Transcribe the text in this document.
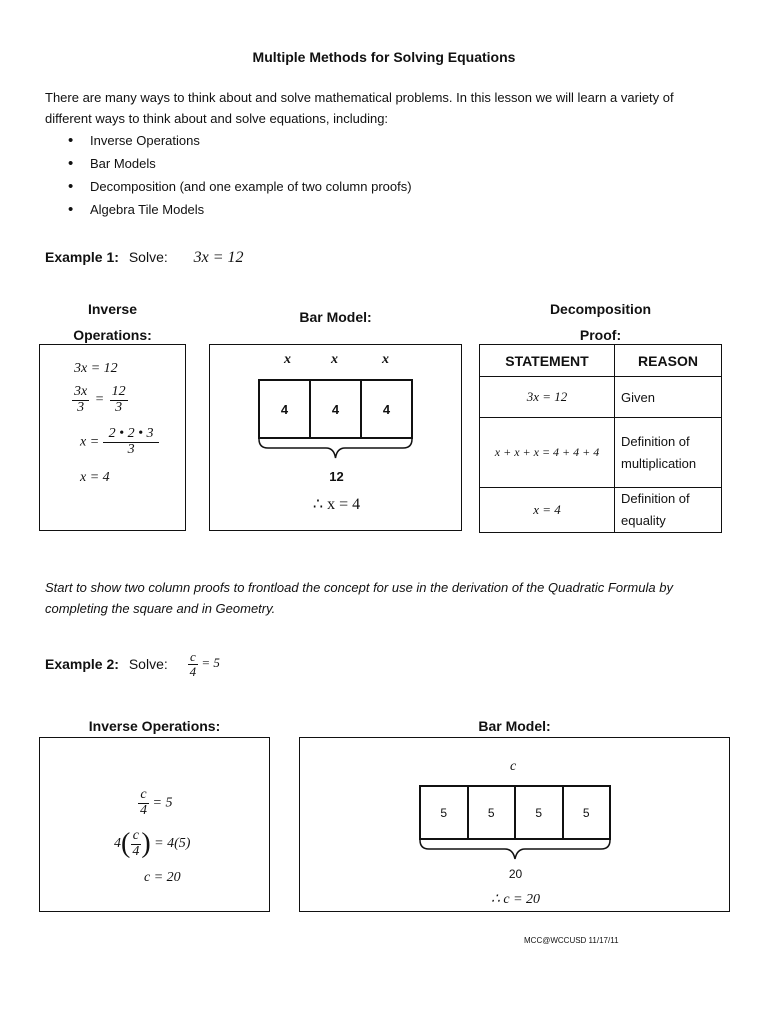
Multiple Methods for Solving Equations
There are many ways to think about and solve mathematical problems. In this lesson we will learn a variety of
different ways to think about and solve equations, including:
• Inverse Operations
• Bar Models
• Decomposition (and one example of two column proofs)
• Algebra Tile Models
Example 1: Solve: 3x = 12
Inverse
Operations:
Bar Model:	Decomposition
Proof:
3x = 12
$\frac{3x}{3} = \frac{12}{3}$
$x = \frac{2 • 2 • 3}{3}$
x = 4
x	x	x
4	4	4
12
∴ x = 4
STATEMENT	REASON
3x = 12	Given
x + x + x = 4 + 4 + 4	Definition of
multiplication

x = 4	Definition of
equality
Start to show two column proofs to frontload the concept for use in the derivation of the Quadratic Formula by
completing the square and in Geometry.
Example 2: Solve: $\frac{c}{4} = 5$
Inverse Operations:	Bar Model:
$\frac{c}{4} = 5$
$4( \frac{c}{4}$ ) = 4(5)
c = 20
c
5	5	5	5
20
∴ c = 20
MCC@WCCUSD 11/17/11
